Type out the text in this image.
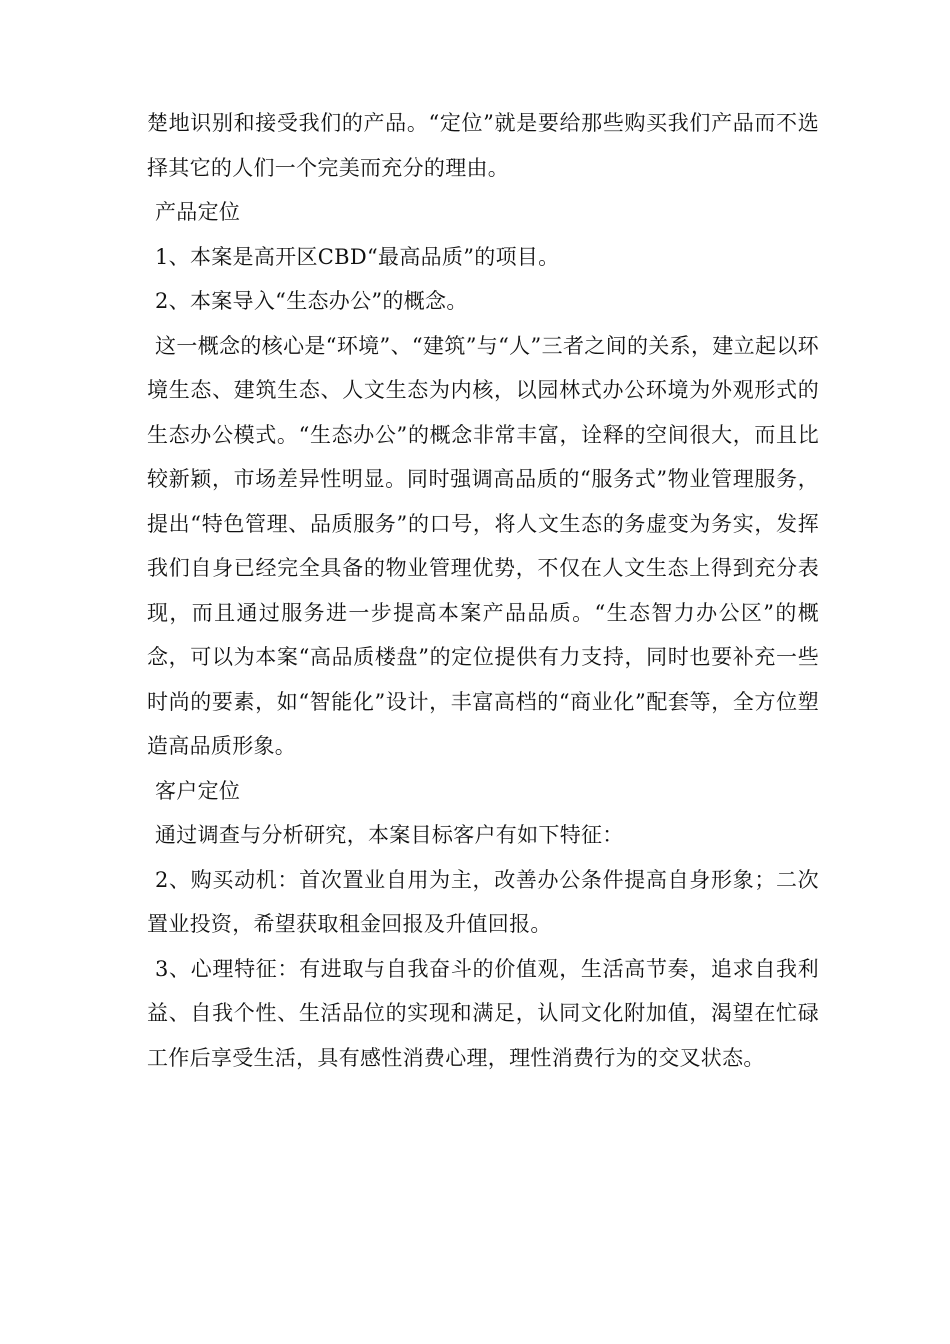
楚地识别和接受我们的产品。“定位”就是要给那些购买我们产品而不选择其它的人们一个完美而充分的理由。

产品定位

1、本案是高开区CBD“最高品质”的项目。

2、本案导入“生态办公”的概念。

这一概念的核心是“环境”、“建筑”与“人”三者之间的关系，建立起以环境生态、建筑生态、人文生态为内核，以园林式办公环境为外观形式的生态办公模式。“生态办公”的概念非常丰富，诠释的空间很大，而且比较新颖，市场差异性明显。同时强调高品质的“服务式”物业管理服务，提出“特色管理、品质服务”的口号，将人文生态的务虚变为务实，发挥我们自身已经完全具备的物业管理优势，不仅在人文生态上得到充分表现，而且通过服务进一步提高本案产品品质。“生态智力办公区”的概念，可以为本案“高品质楼盘”的定位提供有力支持，同时也要补充一些时尚的要素，如“智能化”设计，丰富高档的“商业化”配套等，全方位塑造高品质形象。

客户定位

通过调查与分析研究，本案目标客户有如下特征：

2、购买动机：首次置业自用为主，改善办公条件提高自身形象；二次置业投资，希望获取租金回报及升值回报。

3、心理特征：有进取与自我奋斗的价值观，生活高节奏，追求自我利益、自我个性、生活品位的实现和满足，认同文化附加值，渴望在忙碌工作后享受生活，具有感性消费心理，理性消费行为的交叉状态。
